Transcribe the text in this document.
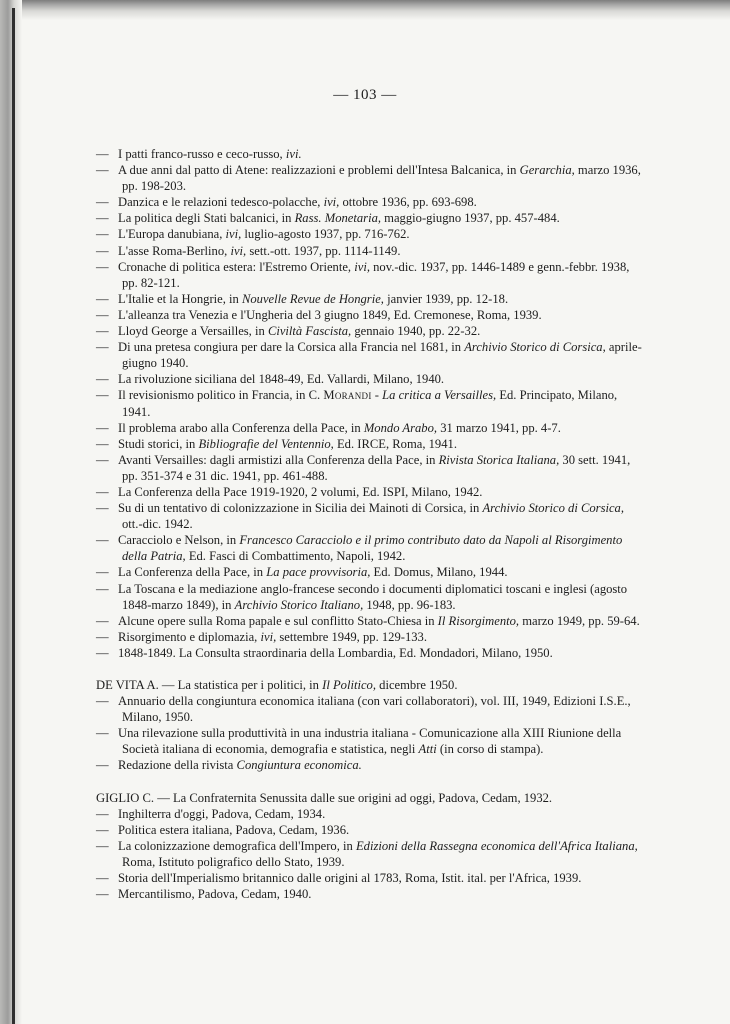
— 103 —
— I patti franco-russo e ceco-russo, ivi.
— A due anni dal patto di Atene: realizzazioni e problemi dell'Intesa Balcanica, in Gerarchia, marzo 1936, pp. 198-203.
— Danzica e le relazioni tedesco-polacche, ivi, ottobre 1936, pp. 693-698.
— La politica degli Stati balcanici, in Rass. Monetaria, maggio-giugno 1937, pp. 457-484.
— L'Europa danubiana, ivi, luglio-agosto 1937, pp. 716-762.
— L'asse Roma-Berlino, ivi, sett.-ott. 1937, pp. 1114-1149.
— Cronache di politica estera: l'Estremo Oriente, ivi, nov.-dic. 1937, pp. 1446-1489 e genn.-febbr. 1938, pp. 82-121.
— L'Italie et la Hongrie, in Nouvelle Revue de Hongrie, janvier 1939, pp. 12-18.
— L'alleanza tra Venezia e l'Ungheria del 3 giugno 1849, Ed. Cremonese, Roma, 1939.
— Lloyd George a Versailles, in Civiltà Fascista, gennaio 1940, pp. 22-32.
— Di una pretesa congiura per dare la Corsica alla Francia nel 1681, in Archivio Storico di Corsica, aprile-giugno 1940.
— La rivoluzione siciliana del 1848-49, Ed. Vallardi, Milano, 1940.
— Il revisionismo politico in Francia, in C. Morandi - La critica a Versailles, Ed. Principato, Milano, 1941.
— Il problema arabo alla Conferenza della Pace, in Mondo Arabo, 31 marzo 1941, pp. 4-7.
— Studi storici, in Bibliografie del Ventennio, Ed. IRCE, Roma, 1941.
— Avanti Versailles: dagli armistizi alla Conferenza della Pace, in Rivista Storica Italiana, 30 sett. 1941, pp. 351-374 e 31 dic. 1941, pp. 461-488.
— La Conferenza della Pace 1919-1920, 2 volumi, Ed. ISPI, Milano, 1942.
— Su di un tentativo di colonizzazione in Sicilia dei Mainoti di Corsica, in Archivio Storico di Corsica, ott.-dic. 1942.
— Caracciolo e Nelson, in Francesco Caracciolo e il primo contributo dato da Napoli al Risorgimento della Patria, Ed. Fasci di Combattimento, Napoli, 1942.
— La Conferenza della Pace, in La pace provvisoria, Ed. Domus, Milano, 1944.
— La Toscana e la mediazione anglo-francese secondo i documenti diplomatici toscani e inglesi (agosto 1848-marzo 1849), in Archivio Storico Italiano, 1948, pp. 96-183.
— Alcune opere sulla Roma papale e sul conflitto Stato-Chiesa in Il Risorgimento, marzo 1949, pp. 59-64.
— Risorgimento e diplomazia, ivi, settembre 1949, pp. 129-133.
— 1848-1849. La Consulta straordinaria della Lombardia, Ed. Mondadori, Milano, 1950.
DE VITA A. — La statistica per i politici, in Il Politico, dicembre 1950.
— Annuario della congiuntura economica italiana (con vari collaboratori), vol. III, 1949, Edizioni I.S.E., Milano, 1950.
— Una rilevazione sulla produttività in una industria italiana - Comunicazione alla XIII Riunione della Società italiana di economia, demografia e statistica, negli Atti (in corso di stampa).
— Redazione della rivista Congiuntura economica.
GIGLIO C. — La Confraternita Senussita dalle sue origini ad oggi, Padova, Cedam, 1932.
— Inghilterra d'oggi, Padova, Cedam, 1934.
— Politica estera italiana, Padova, Cedam, 1936.
— La colonizzazione demografica dell'Impero, in Edizioni della Rassegna economica dell'Africa Italiana, Roma, Istituto poligrafico dello Stato, 1939.
— Storia dell'Imperialismo britannico dalle origini al 1783, Roma, Istit. ital. per l'Africa, 1939.
— Mercantilismo, Padova, Cedam, 1940.
